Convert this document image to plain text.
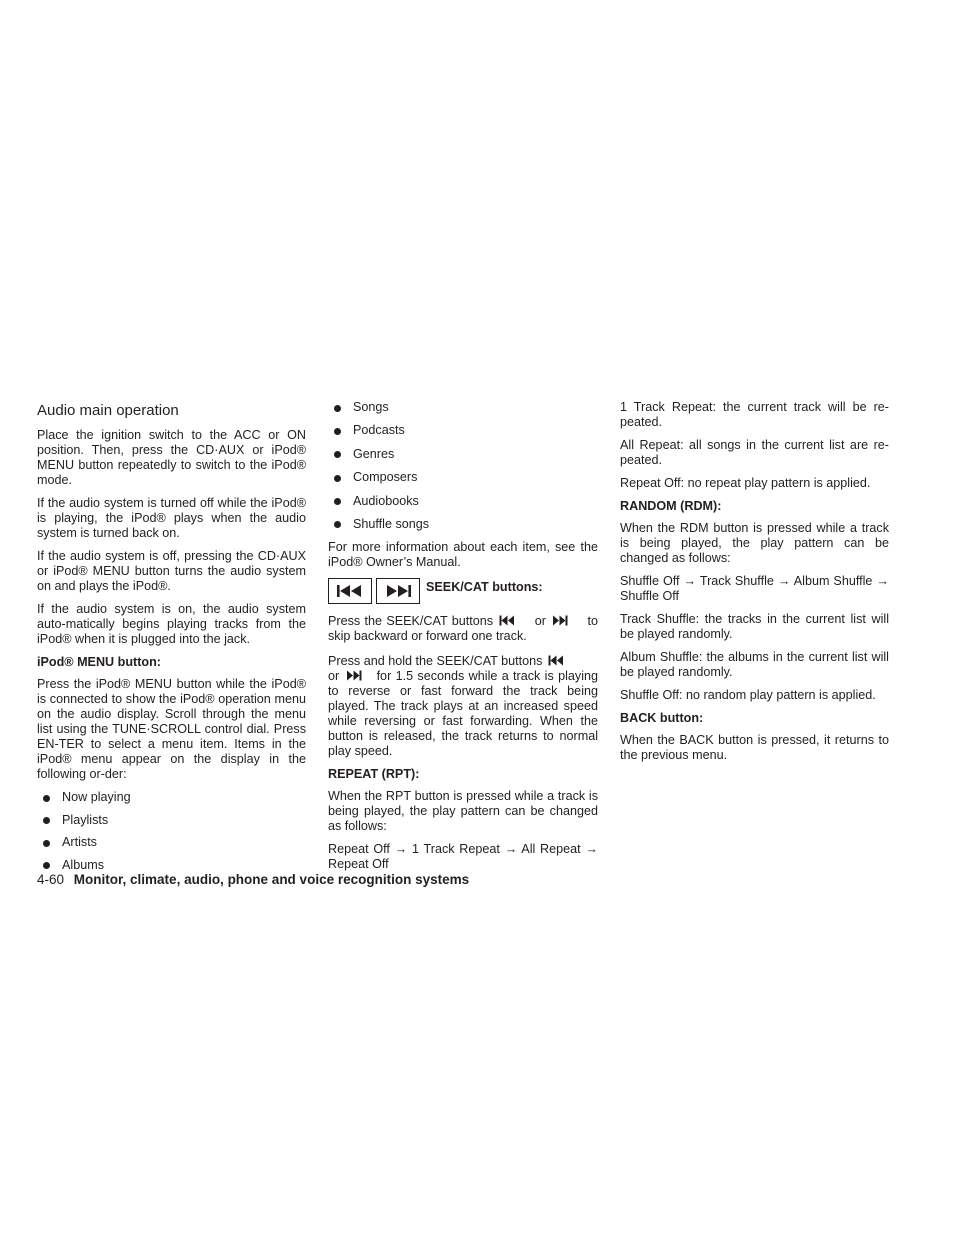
Audio main operation

Place the ignition switch to the ACC or ON position. Then, press the CD·AUX or iPod® MENU button repeatedly to switch to the iPod® mode.

If the audio system is turned off while the iPod® is playing, the iPod® plays when the audio system is turned back on.

If the audio system is off, pressing the CD·AUX or iPod® MENU button turns the audio system on and plays the iPod®.

If the audio system is on, the audio system auto-matically begins playing tracks from the iPod® when it is plugged into the jack.

iPod® MENU button:

Press the iPod® MENU button while the iPod® is connected to show the iPod® operation menu on the audio display. Scroll through the menu list using the TUNE·SCROLL control dial. Press EN-TER to select a menu item. Items in the iPod® menu appear on the display in the following or-der:

Now playing
Playlists
Artists
Albums
Songs
Podcasts
Genres
Composers
Audiobooks
Shuffle songs

For more information about each item, see the iPod® Owner’s Manual.

SEEK/CAT buttons:

Press the SEEK/CAT buttons	or	to skip backward or forward one track.

Press and hold the SEEK/CAT buttons
or	for 1.5 seconds while a track is playing to reverse or fast forward the track being played. The track plays at an increased speed while reversing or fast forwarding. When the button is released, the track returns to normal play speed.

REPEAT (RPT):

When the RPT button is pressed while a track is being played, the play pattern can be changed as follows:

Repeat Off → 1 Track Repeat → All Repeat → Repeat Off

1 Track Repeat: the current track will be re-peated.

All Repeat: all songs in the current list are re-peated.

Repeat Off: no repeat play pattern is applied.

RANDOM (RDM):

When the RDM button is pressed while a track is being played, the play pattern can be changed as follows:

Shuffle Off → Track Shuffle → Album Shuffle → Shuffle Off

Track Shuffle: the tracks in the current list will be played randomly.

Album Shuffle: the albums in the current list will be played randomly.

Shuffle Off: no random play pattern is applied.

BACK button:

When the BACK button is pressed, it returns to the previous menu.

4-60 Monitor, climate, audio, phone and voice recognition systems
